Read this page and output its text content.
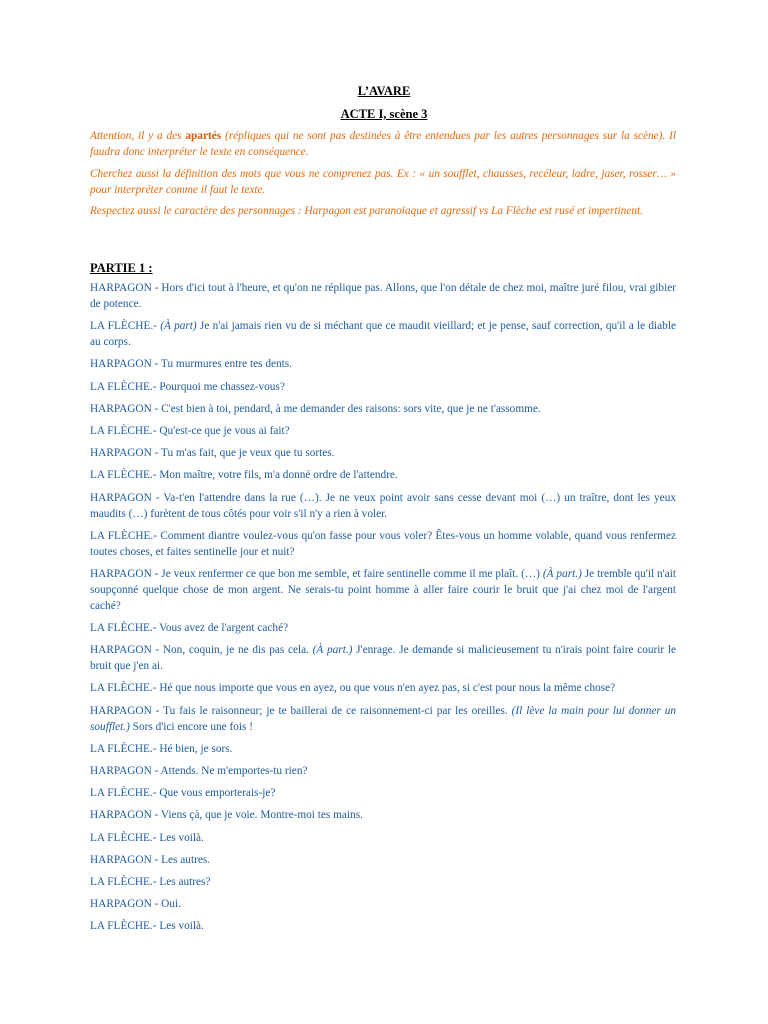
L’AVARE
ACTE I, scène 3

Attention, il y a des apartés (répliques qui ne sont pas destinées à être entendues par les autres personnages sur la scène). Il faudra donc interpréter le texte en conséquence.

Cherchez aussi la définition des mots que vous ne comprenez pas. Ex : « un soufflet, chausses, recéleur, ladre, jaser, rosser… » pour interpréter comme il faut le texte.

Respectez aussi le caractère des personnages : Harpagon est paranoïaque et agressif vs La Flèche est rusé et impertinent.

PARTIE 1 :

HARPAGON - Hors d'ici tout à l'heure, et qu'on ne réplique pas. Allons, que l'on détale de chez moi, maître juré filou, vrai gibier de potence.

LA FLÈCHE.- (À part) Je n'ai jamais rien vu de si méchant que ce maudit vieillard; et je pense, sauf correction, qu'il a le diable au corps.

HARPAGON - Tu murmures entre tes dents.

LA FLÈCHE.- Pourquoi me chassez-vous?

HARPAGON - C'est bien à toi, pendard, à me demander des raisons: sors vite, que je ne t'assomme.

LA FLÈCHE.- Qu'est-ce que je vous ai fait?

HARPAGON - Tu m'as fait, que je veux que tu sortes.

LA FLÈCHE.- Mon maître, votre fils, m'a donné ordre de l'attendre.

HARPAGON - Va-t'en l'attendre dans la rue (…). Je ne veux point avoir sans cesse devant moi (…) un traître, dont les yeux maudits (…) furètent de tous côtés pour voir s'il n'y a rien à voler.

LA FLÈCHE.- Comment diantre voulez-vous qu'on fasse pour vous voler? Êtes-vous un homme volable, quand vous renfermez toutes choses, et faites sentinelle jour et nuit?

HARPAGON - Je veux renfermer ce que bon me semble, et faire sentinelle comme il me plaît. (…) (À part.) Je tremble qu'il n'ait soupçonné quelque chose de mon argent. Ne serais-tu point homme à aller faire courir le bruit que j'ai chez moi de l'argent caché?

LA FLÈCHE.- Vous avez de l'argent caché?

HARPAGON - Non, coquin, je ne dis pas cela. (À part.) J'enrage. Je demande si malicieusement tu n'irais point faire courir le bruit que j'en ai.

LA FLÈCHE.- Hé que nous importe que vous en ayez, ou que vous n'en ayez pas, si c'est pour nous la même chose?

HARPAGON - Tu fais le raisonneur; je te baillerai de ce raisonnement-ci par les oreilles. (Il lève la main pour lui donner un soufflet.) Sors d'ici encore une fois !

LA FLÈCHE.- Hé bien, je sors.

HARPAGON - Attends. Ne m'emportes-tu rien?

LA FLÈCHE.- Que vous emporterais-je?

HARPAGON - Viens çà, que je voie. Montre-moi tes mains.

LA FLÈCHE.- Les voilà.

HARPAGON - Les autres.

LA FLÈCHE.- Les autres?

HARPAGON - Oui.

LA FLÈCHE.- Les voilà.
